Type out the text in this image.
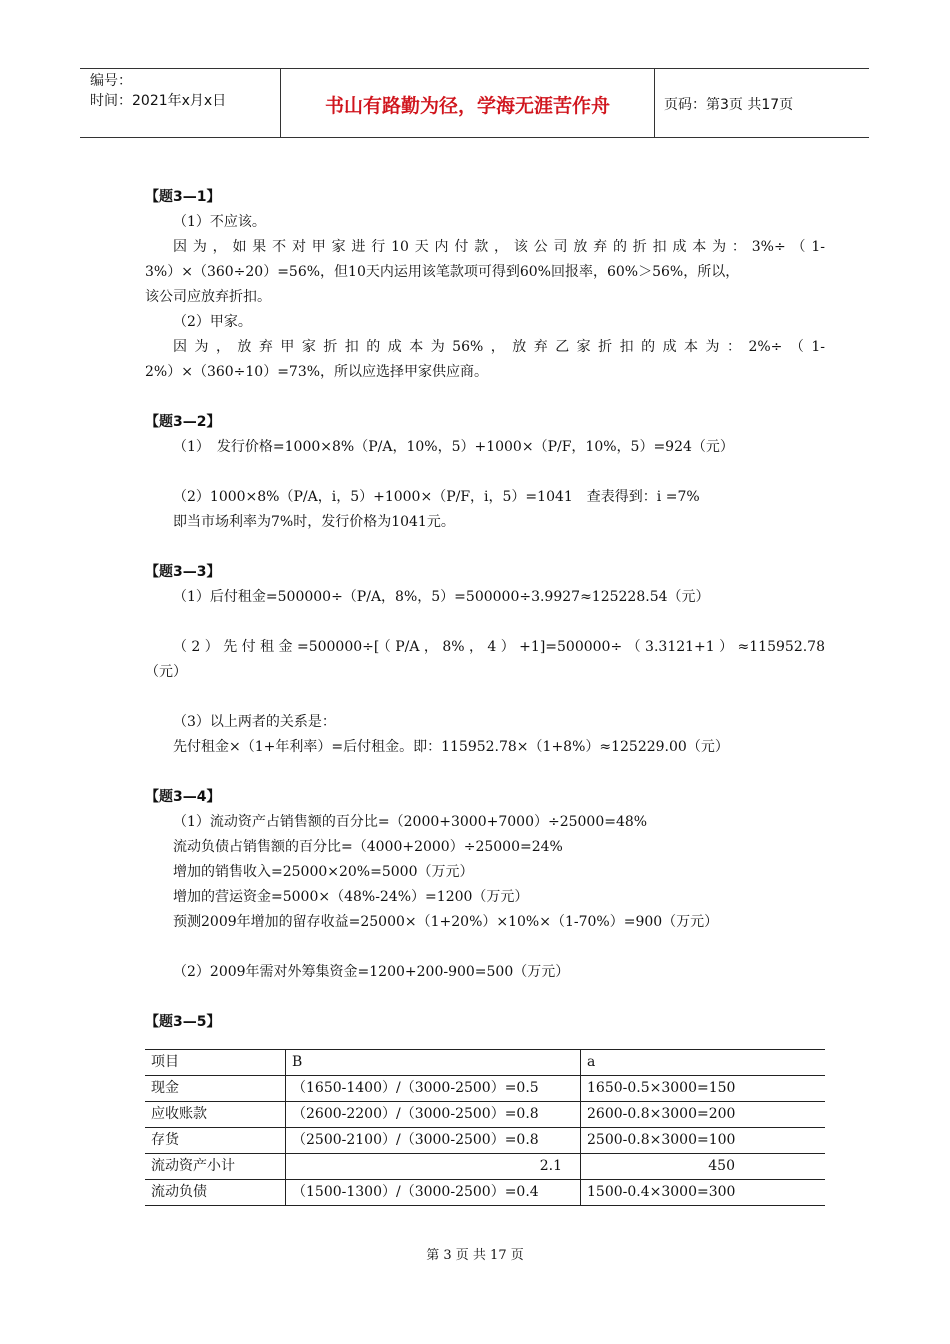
编号：
时间：2021年x月x日	书山有路勤为径，学海无涯苦作舟	页码：第3页 共17页

【题3—1】

（1）不应该。

因为，如果不对甲家进行10天内付款，该公司放弃的折扣成本为：3%÷（1-

3%）×（360÷20）=56%，但10天内运用该笔款项可得到60%回报率，60%＞56%，所以，

该公司应放弃折扣。

（2）甲家。

因为，放弃甲家折扣的成本为56%，放弃乙家折扣的成本为：2%÷（1-

2%）×（360÷10）=73%，所以应选择甲家供应商。

【题3—2】

（1）　发行价格=1000×8%（P/A，10%，5）+1000×（P/F，10%，5）=924（元）

（2）1000×8%（P/A，i，5）+1000×（P/F，i，5）=1041　查表得到：i =7%

即当市场利率为7%时，发行价格为1041元。

【题3—3】

（1）后付租金=500000÷（P/A，8%，5）=500000÷3.9927≈125228.54（元）

（2）先付租金=500000÷[（P/A，8%，4）+1]=500000÷（3.3121+1）≈115952.78

（元）

（3）以上两者的关系是：

先付租金×（1+年利率）=后付租金。即：115952.78×（1+8%）≈125229.00（元）

【题3—4】

（1）流动资产占销售额的百分比=（2000+3000+7000）÷25000=48%

流动负债占销售额的百分比=（4000+2000）÷25000=24%

增加的销售收入=25000×20%=5000（万元）

增加的营运资金=5000×（48%-24%）=1200（万元）

预测2009年增加的留存收益=25000×（1+20%）×10%×（1-70%）=900（万元）

（2）2009年需对外筹集资金=1200+200-900=500（万元）

【题3—5】

项目	B	a
现金	（1650-1400）/（3000-2500）=0.5	1650-0.5×3000=150
应收账款	（2600-2200）/（3000-2500）=0.8	2600-0.8×3000=200
存货	（2500-2100）/（3000-2500）=0.8	2500-0.8×3000=100
流动资产小计	2.1	450
流动负债	（1500-1300）/（3000-2500）=0.4	1500-0.4×3000=300
第 3 页 共 17 页
